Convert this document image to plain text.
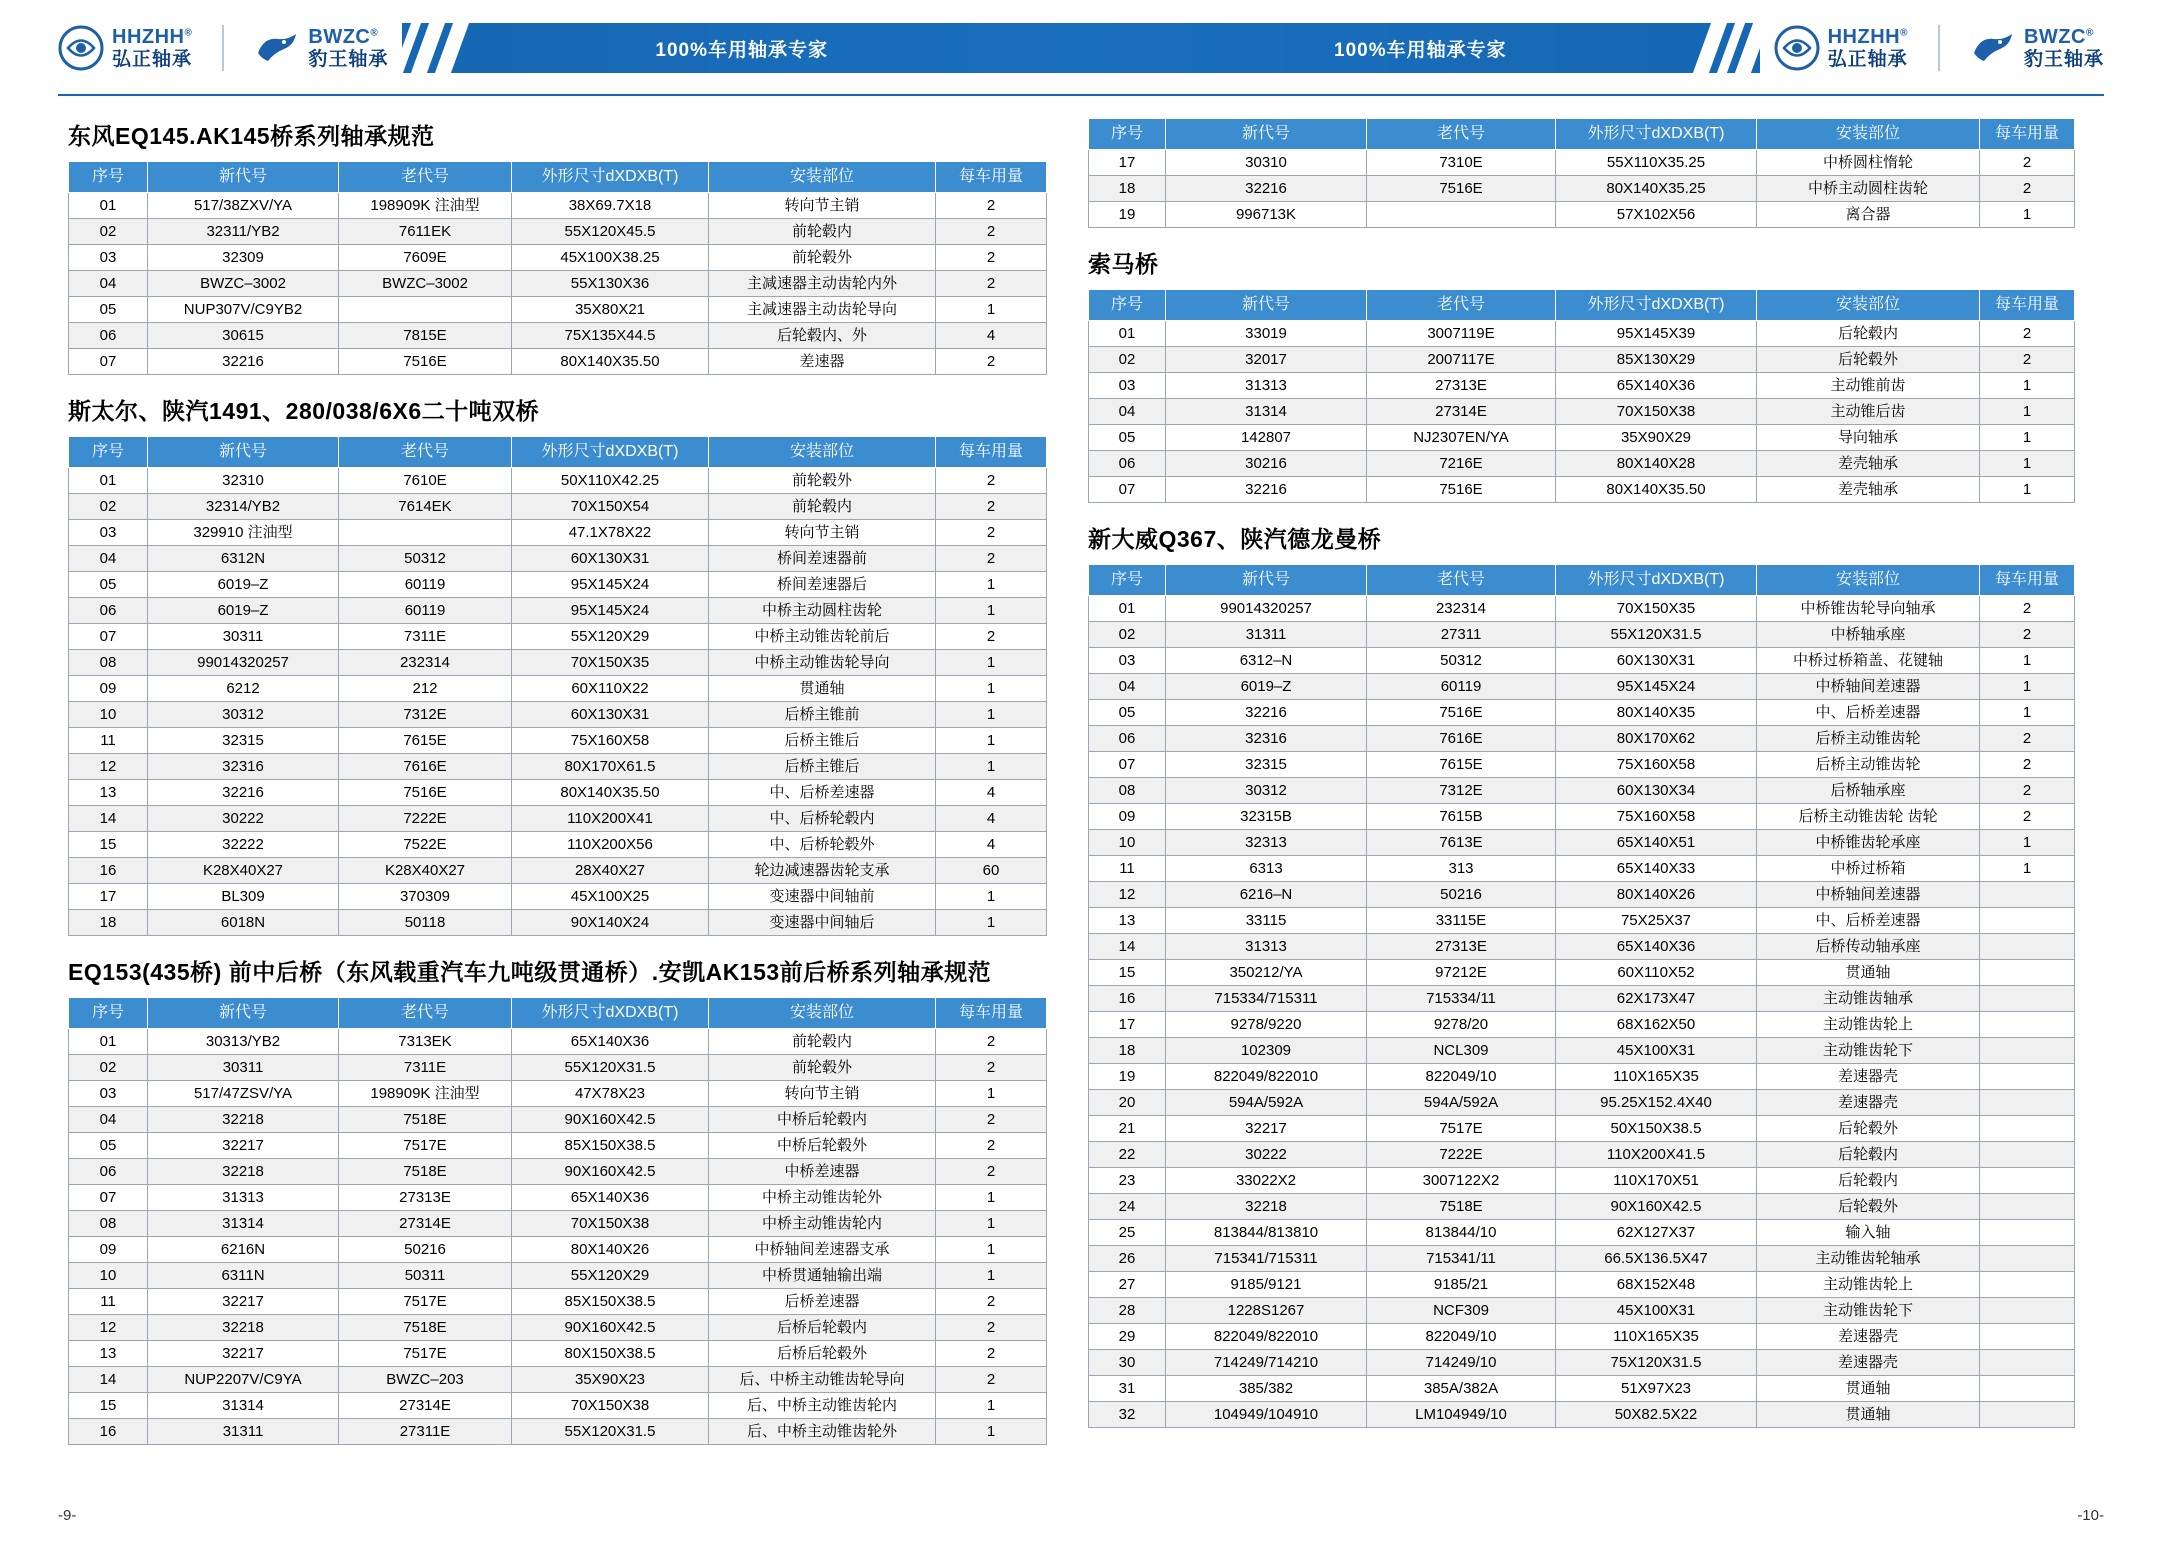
HHZHH®
弘正轴承
BWZC®
豹王轴承	100%车用轴承专家	100%车用轴承专家
HHZHH®
弘正轴承
BWZC®
豹王轴承
东风EQ145.AK145桥系列轴承规范
序号	新代号	老代号	外形尺寸dXDXB(T)	安装部位	每车用量
01	517/38ZXV/YA	198909K 注油型	38X69.7X18	转向节主销	2
02	32311/YB2	7611EK	55X120X45.5	前轮毂内	2
03	32309	7609E	45X100X38.25	前轮毂外	2
04	BWZC–3002	BWZC–3002	55X130X36	主减速器主动齿轮内外	2
05	NUP307V/C9YB2		35X80X21	主减速器主动齿轮导向	1
06	30615	7815E	75X135X44.5	后轮毂内、外	4
07	32216	7516E	80X140X35.50	差速器	2
斯太尔、陕汽1491、280/038/6X6二十吨双桥
序号	新代号	老代号	外形尺寸dXDXB(T)	安装部位	每车用量
01	32310	7610E	50X110X42.25	前轮毂外	2
02	32314/YB2	7614EK	70X150X54	前轮毂内	2
03	329910 注油型		47.1X78X22	转向节主销	2
04	6312N	50312	60X130X31	桥间差速器前	2
05	6019–Z	60119	95X145X24	桥间差速器后	1
06	6019–Z	60119	95X145X24	中桥主动圆柱齿轮	1
07	30311	7311E	55X120X29	中桥主动锥齿轮前后	2
08	99014320257	232314	70X150X35	中桥主动锥齿轮导向	1
09	6212	212	60X110X22	贯通轴	1
10	30312	7312E	60X130X31	后桥主锥前	1
11	32315	7615E	75X160X58	后桥主锥后	1
12	32316	7616E	80X170X61.5	后桥主锥后	1
13	32216	7516E	80X140X35.50	中、后桥差速器	4
14	30222	7222E	110X200X41	中、后桥轮毂内	4
15	32222	7522E	110X200X56	中、后桥轮毂外	4
16	K28X40X27	K28X40X27	28X40X27	轮边减速器齿轮支承	60
17	BL309	370309	45X100X25	变速器中间轴前	1
18	6018N	50118	90X140X24	变速器中间轴后	1
EQ153(435桥) 前中后桥（东风载重汽车九吨级贯通桥）.安凯AK153前后桥系列轴承规范
序号	新代号	老代号	外形尺寸dXDXB(T)	安装部位	每车用量
01	30313/YB2	7313EK	65X140X36	前轮毂内	2
02	30311	7311E	55X120X31.5	前轮毂外	2
03	517/47ZSV/YA	198909K 注油型	47X78X23	转向节主销	1
04	32218	7518E	90X160X42.5	中桥后轮毂内	2
05	32217	7517E	85X150X38.5	中桥后轮毂外	2
06	32218	7518E	90X160X42.5	中桥差速器	2
07	31313	27313E	65X140X36	中桥主动锥齿轮外	1
08	31314	27314E	70X150X38	中桥主动锥齿轮内	1
09	6216N	50216	80X140X26	中桥轴间差速器支承	1
10	6311N	50311	55X120X29	中桥贯通轴输出端	1
11	32217	7517E	85X150X38.5	后桥差速器	2
12	32218	7518E	90X160X42.5	后桥后轮毂内	2
13	32217	7517E	80X150X38.5	后桥后轮毂外	2
14	NUP2207V/C9YA	BWZC–203	35X90X23	后、中桥主动锥齿轮导向	2
15	31314	27314E	70X150X38	后、中桥主动锥齿轮内	1
16	31311	27311E	55X120X31.5	后、中桥主动锥齿轮外	1
序号	新代号	老代号	外形尺寸dXDXB(T)	安装部位	每车用量
17	30310	7310E	55X110X35.25	中桥圆柱惰轮	2
18	32216	7516E	80X140X35.25	中桥主动圆柱齿轮	2
19	996713K		57X102X56	离合器	1
索马桥
序号	新代号	老代号	外形尺寸dXDXB(T)	安装部位	每车用量
01	33019	3007119E	95X145X39	后轮毂内	2
02	32017	2007117E	85X130X29	后轮毂外	2
03	31313	27313E	65X140X36	主动锥前齿	1
04	31314	27314E	70X150X38	主动锥后齿	1
05	142807	NJ2307EN/YA	35X90X29	导向轴承	1
06	30216	7216E	80X140X28	差壳轴承	1
07	32216	7516E	80X140X35.50	差壳轴承	1
新大威Q367、陕汽德龙曼桥
序号	新代号	老代号	外形尺寸dXDXB(T)	安装部位	每车用量
01	99014320257	232314	70X150X35	中桥锥齿轮导向轴承	2
02	31311	27311	55X120X31.5	中桥轴承座	2
03	6312–N	50312	60X130X31	中桥过桥箱盖、花键轴	1
04	6019–Z	60119	95X145X24	中桥轴间差速器	1
05	32216	7516E	80X140X35	中、后桥差速器	1
06	32316	7616E	80X170X62	后桥主动锥齿轮	2
07	32315	7615E	75X160X58	后桥主动锥齿轮	2
08	30312	7312E	60X130X34	后桥轴承座	2
09	32315B	7615B	75X160X58	后桥主动锥齿轮 齿轮	2
10	32313	7613E	65X140X51	中桥锥齿轮承座	1
11	6313	313	65X140X33	中桥过桥箱	1
12	6216–N	50216	80X140X26	中桥轴间差速器	
13	33115	33115E	75X25X37	中、后桥差速器	
14	31313	27313E	65X140X36	后桥传动轴承座	
15	350212/YA	97212E	60X110X52	贯通轴	
16	715334/715311	715334/11	62X173X47	主动锥齿轴承	
17	9278/9220	9278/20	68X162X50	主动锥齿轮上	
18	102309	NCL309	45X100X31	主动锥齿轮下	
19	822049/822010	822049/10	110X165X35	差速器壳	
20	594A/592A	594A/592A	95.25X152.4X40	差速器壳	
21	32217	7517E	50X150X38.5	后轮毂外	
22	30222	7222E	110X200X41.5	后轮毂内	
23	33022X2	3007122X2	110X170X51	后轮毂内	
24	32218	7518E	90X160X42.5	后轮毂外	
25	813844/813810	813844/10	62X127X37	输入轴	
26	715341/715311	715341/11	66.5X136.5X47	主动锥齿轮轴承	
27	9185/9121	9185/21	68X152X48	主动锥齿轮上	
28	1228S1267	NCF309	45X100X31	主动锥齿轮下	
29	822049/822010	822049/10	110X165X35	差速器壳	
30	714249/714210	714249/10	75X120X31.5	差速器壳	
31	385/382	385A/382A	51X97X23	贯通轴	
32	104949/104910	LM104949/10	50X82.5X22	贯通轴	
-9-	-10-
